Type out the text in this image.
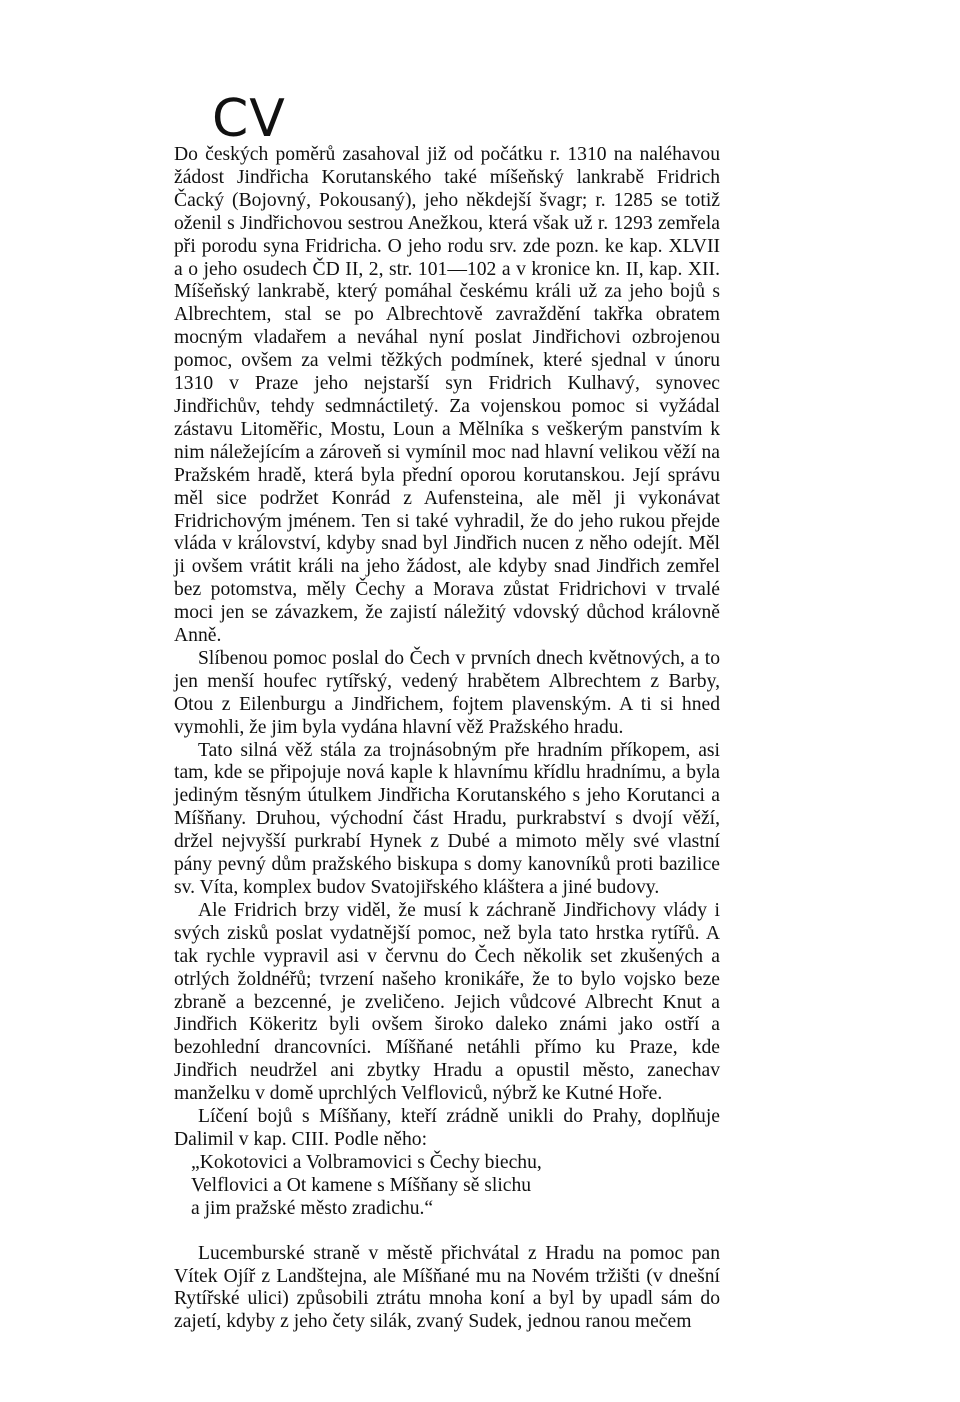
CV

Do českých poměrů zasahoval již od počátku r. 1310 na naléhavou žádost Jindřicha Korutanského také míšeňský lankrabě Fridrich Čacký (Bojovný, Pokousaný), jeho někdejší švagr; r. 1285 se totiž oženil s Jindřichovou sestrou Anežkou, která však už r. 1293 zemřela při porodu syna Fridricha. O jeho rodu srv. zde pozn. ke kap. XLVII a o jeho osudech ČD II, 2, str. 101—102 a v kronice kn. II, kap. XII. Míšeňský lankrabě, který pomáhal českému králi už za jeho bojů s Albrechtem, stal se po Albrechtově zavraždění takřka obratem mocným vladařem a neváhal nyní poslat Jindřichovi ozbrojenou pomoc, ovšem za velmi těžkých podmínek, které sjednal v únoru 1310 v Praze jeho nejstarší syn Fridrich Kulhavý, synovec Jindřichův, tehdy sedmnáctiletý. Za vojenskou pomoc si vyžádal zástavu Litoměřic, Mostu, Loun a Mělníka s veškerým panstvím k nim náležejícím a zároveň si vymínil moc nad hlavní velikou věží na Pražském hradě, která byla přední oporou korutanskou. Její správu měl sice podržet Konrád z Aufensteina, ale měl ji vykonávat Fridrichovým jménem. Ten si také vyhradil, že do jeho rukou přejde vláda v království, kdyby snad byl Jindřich nucen z něho odejít. Měl ji ovšem vrátit králi na jeho žádost, ale kdyby snad Jindřich zemřel bez potomstva, měly Čechy a Morava zůstat Fridrichovi v trvalé moci jen se závazkem, že zajistí náležitý vdovský důchod královně Anně.

Slíbenou pomoc poslal do Čech v prvních dnech květnových, a to jen menší houfec rytířský, vedený hrabětem Albrechtem z Barby, Otou z Eilenburgu a Jindřichem, fojtem plavenským. A ti si hned vymohli, že jim byla vydána hlavní věž Pražského hradu.

Tato silná věž stála za trojnásobným pře hradním příkopem, asi tam, kde se připojuje nová kaple k hlavnímu křídlu hradnímu, a byla jediným těsným útulkem Jindřicha Korutanského s jeho Korutanci a Míšňany. Druhou, východní část Hradu, purkrabství s dvojí věží, držel nejvyšší purkrabí Hynek z Dubé a mimoto měly své vlastní pány pevný dům pražského biskupa s domy kanovníků proti bazilice sv. Víta, komplex budov Svatojiřského kláštera a jiné budovy.

Ale Fridrich brzy viděl, že musí k záchraně Jindřichovy vlády i svých zisků poslat vydatnější pomoc, než byla tato hrstka rytířů. A tak rychle vypravil asi v červnu do Čech několik set zkušených a otrlých žoldnéřů; tvrzení našeho kronikáře, že to bylo vojsko beze zbraně a bezcenné, je zveličeno. Jejich vůdcové Albrecht Knut a Jindřich Kökeritz byli ovšem široko daleko známi jako ostří a bezohlední drancovníci. Míšňané netáhli přímo ku Praze, kde Jindřich neudržel ani zbytky Hradu a opustil město, zanechav manželku v domě uprchlých Velfloviců, nýbrž ke Kutné Hoře.

Líčení bojů s Míšňany, kteří zrádně unikli do Prahy, doplňuje Dalimil v kap. CIII. Podle něho:

„Kokotovici a Volbramovici s Čechy biechu,
Velflovici a Ot kamene s Míšňany sě slichu
a jim pražské město zradichu.“

Lucemburské straně v městě přichvátal z Hradu na pomoc pan Vítek Ojíř z Landštejna, ale Míšňané mu na Novém tržišti (v dnešní Rytířské ulici) způsobili ztrátu mnoha koní a byl by upadl sám do zajetí, kdyby z jeho čety silák, zvaný Sudek, jednou ranou mečem
